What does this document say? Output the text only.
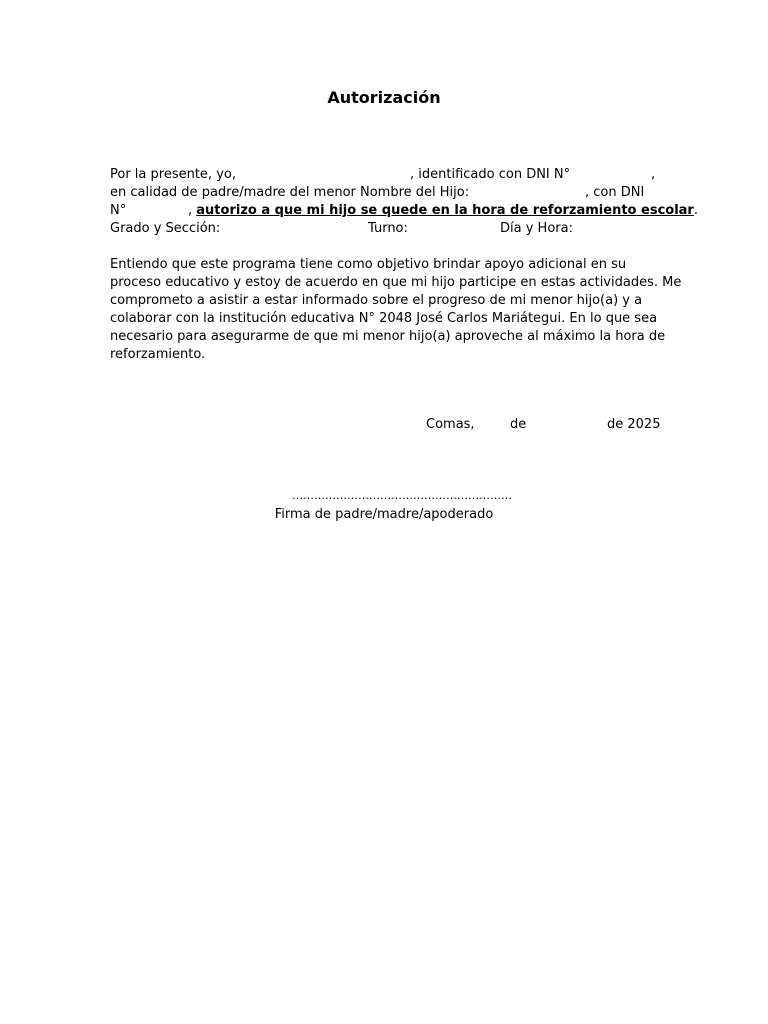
Autorización
Por la presente, yo,	, identificado con DNI N°	,
en calidad de padre/madre del menor Nombre del Hijo:	, con DNI
N°	, autorizo a que mi hijo se quede en la hora de reforzamiento escolar.
Grado y Sección:	Turno:	Día y Hora:
Entiendo que este programa tiene como objetivo brindar apoyo adicional en su
proceso educativo y estoy de acuerdo en que mi hijo participe en estas actividades. Me
comprometo a asistir a estar informado sobre el progreso de mi menor hijo(a) y a
colaborar con la institución educativa N° 2048 José Carlos Mariátegui. En lo que sea
necesario para asegurarme de que mi menor hijo(a) aproveche al máximo la hora de
reforzamiento.
Comas,	de	de 2025
……………………………………………………
Firma de padre/madre/apoderado
